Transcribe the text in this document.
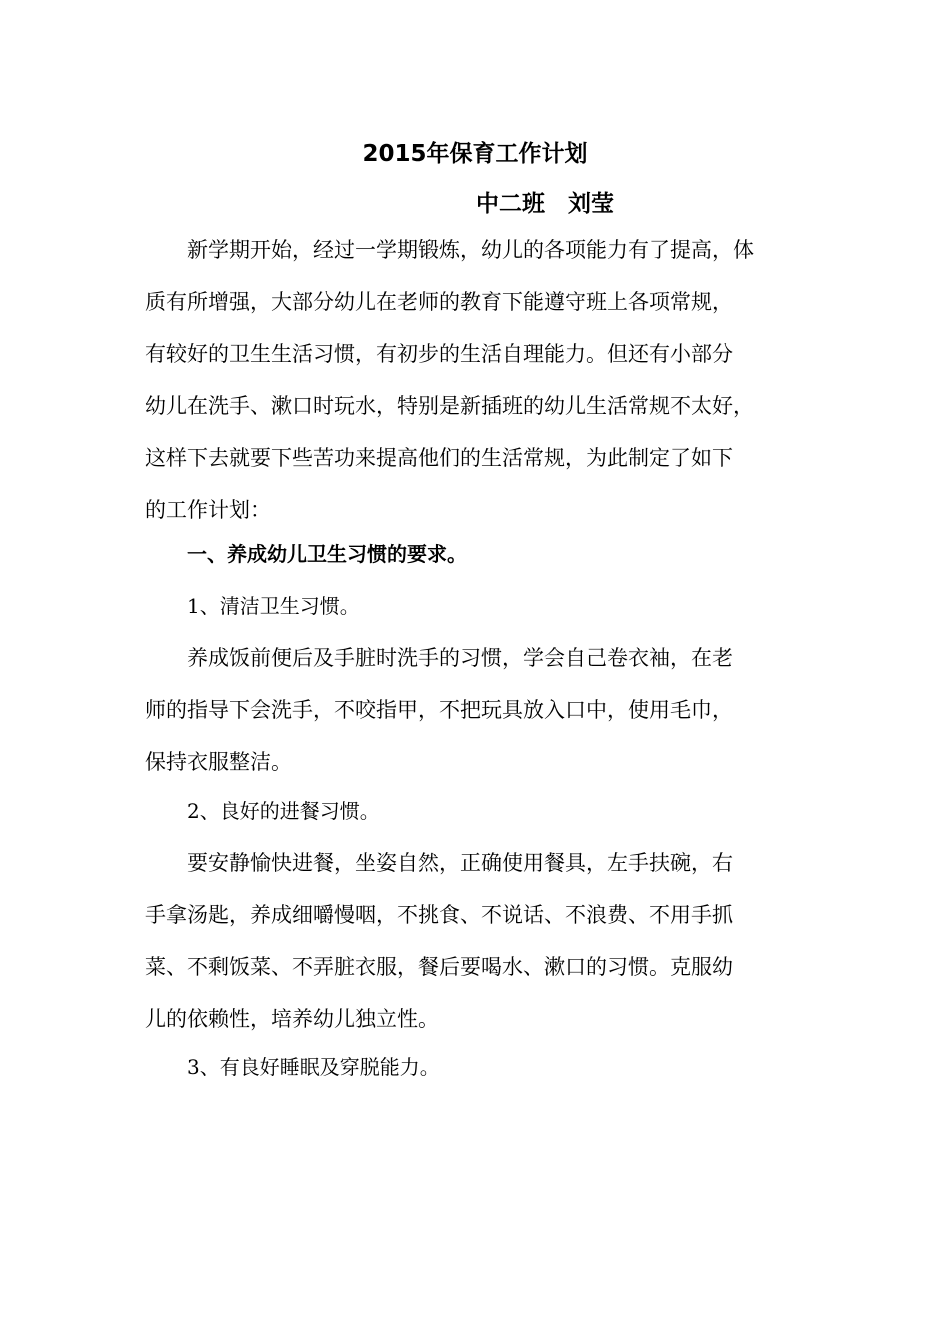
2015年保育工作计划
中二班　刘莹
新学期开始，经过一学期锻炼，幼儿的各项能力有了提高，体
质有所增强，大部分幼儿在老师的教育下能遵守班上各项常规，
有较好的卫生生活习惯，有初步的生活自理能力。但还有小部分
幼儿在洗手、漱口时玩水，特别是新插班的幼儿生活常规不太好，
这样下去就要下些苦功来提高他们的生活常规，为此制定了如下
的工作计划：

一、养成幼儿卫生习惯的要求。

1、清洁卫生习惯。

养成饭前便后及手脏时洗手的习惯，学会自己卷衣袖，在老
师的指导下会洗手，不咬指甲，不把玩具放入口中，使用毛巾，
保持衣服整洁。

2、良好的进餐习惯。

要安静愉快进餐，坐姿自然，正确使用餐具，左手扶碗，右
手拿汤匙，养成细嚼慢咽，不挑食、不说话、不浪费、不用手抓
菜、不剩饭菜、不弄脏衣服，餐后要喝水、漱口的习惯。克服幼
儿的依赖性，培养幼儿独立性。

3、有良好睡眠及穿脱能力。
